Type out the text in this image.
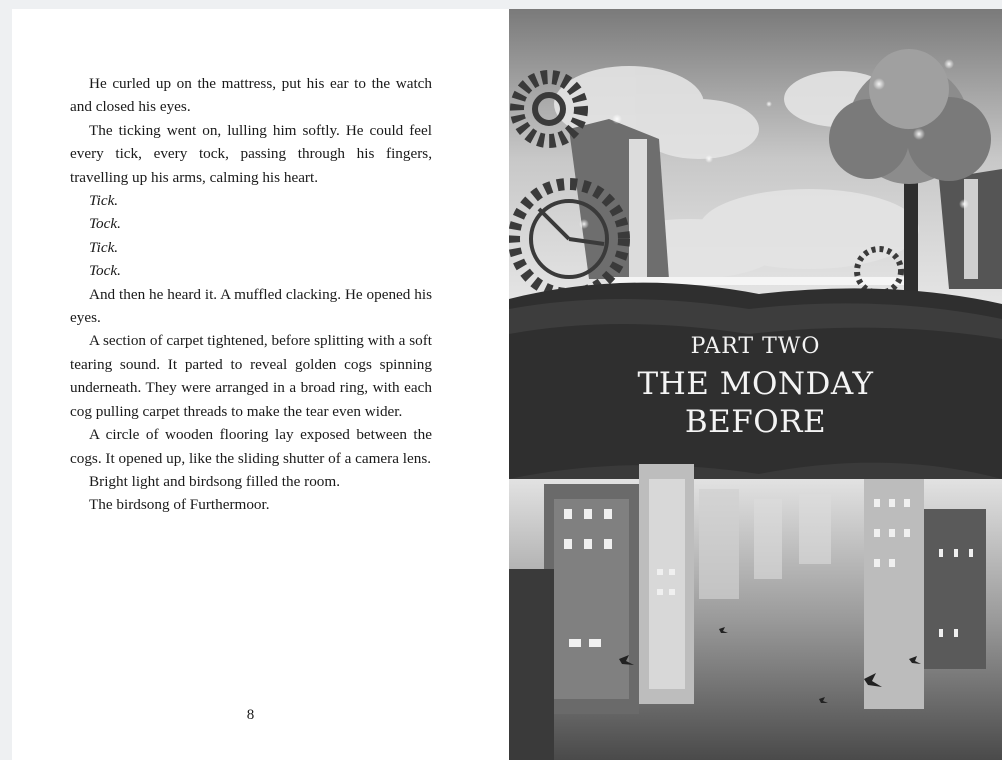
He curled up on the mattress, put his ear to the watch and closed his eyes.

The ticking went on, lulling him softly. He could feel every tick, every tock, passing through his fingers, travelling up his arms, calming his heart.

Tick.

Tock.

Tick.

Tock.

And then he heard it. A muffled clacking. He opened his eyes.

A section of carpet tightened, before splitting with a soft tearing sound. It parted to reveal golden cogs spinning underneath. They were arranged in a broad ring, with each cog pulling carpet threads to make the tear even wider.

A circle of wooden flooring lay exposed between the cogs. It opened up, like the sliding shutter of a camera lens.

Bright light and birdsong filled the room.

The birdsong of Furthermoor.

8
PART TWO
THE MONDAY
BEFORE
